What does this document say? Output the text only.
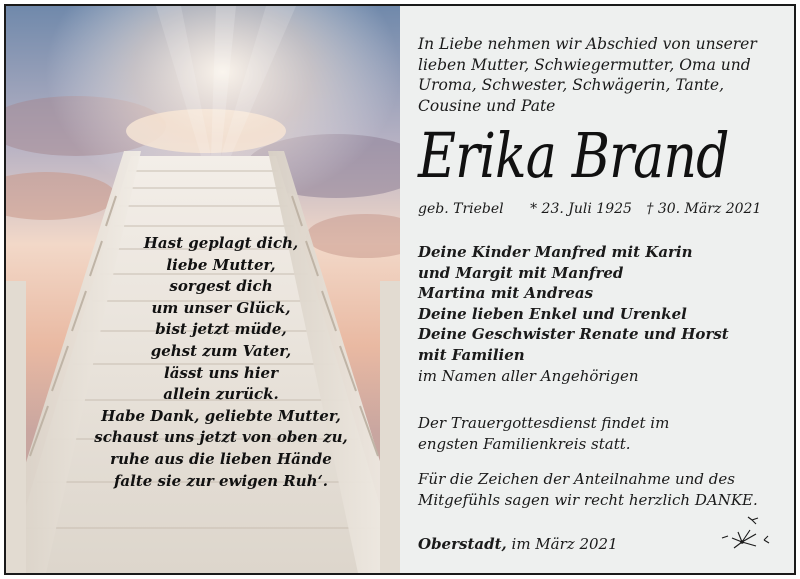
Hast geplagt dich,
liebe Mutter,
sorgest dich
um unser Glück,
bist jetzt müde,
gehst zum Vater,
lässt uns hier
allein zurück.
Habe Dank, geliebte Mutter,
schaust uns jetzt von oben zu,
ruhe aus die lieben Hände
falte sie zur ewigen Ruh‘.
In Liebe nehmen wir Abschied von unserer
lieben Mutter, Schwiegermutter, Oma und
Uroma, Schwester, Schwägerin, Tante,
Cousine und Pate
Erika Brand
geb. Triebel * 23. Juli 1925 † 30. März 2021
Deine Kinder Manfred mit Karin
und Margit mit Manfred
Martina mit Andreas
Deine lieben Enkel und Urenkel
Deine Geschwister Renate und Horst
mit Familien
im Namen aller Angehörigen
Der Trauergottesdienst findet im
engsten Familienkreis statt.
Für die Zeichen der Anteilnahme und des
Mitgefühls sagen wir recht herzlich DANKE.
Oberstadt, im März 2021
